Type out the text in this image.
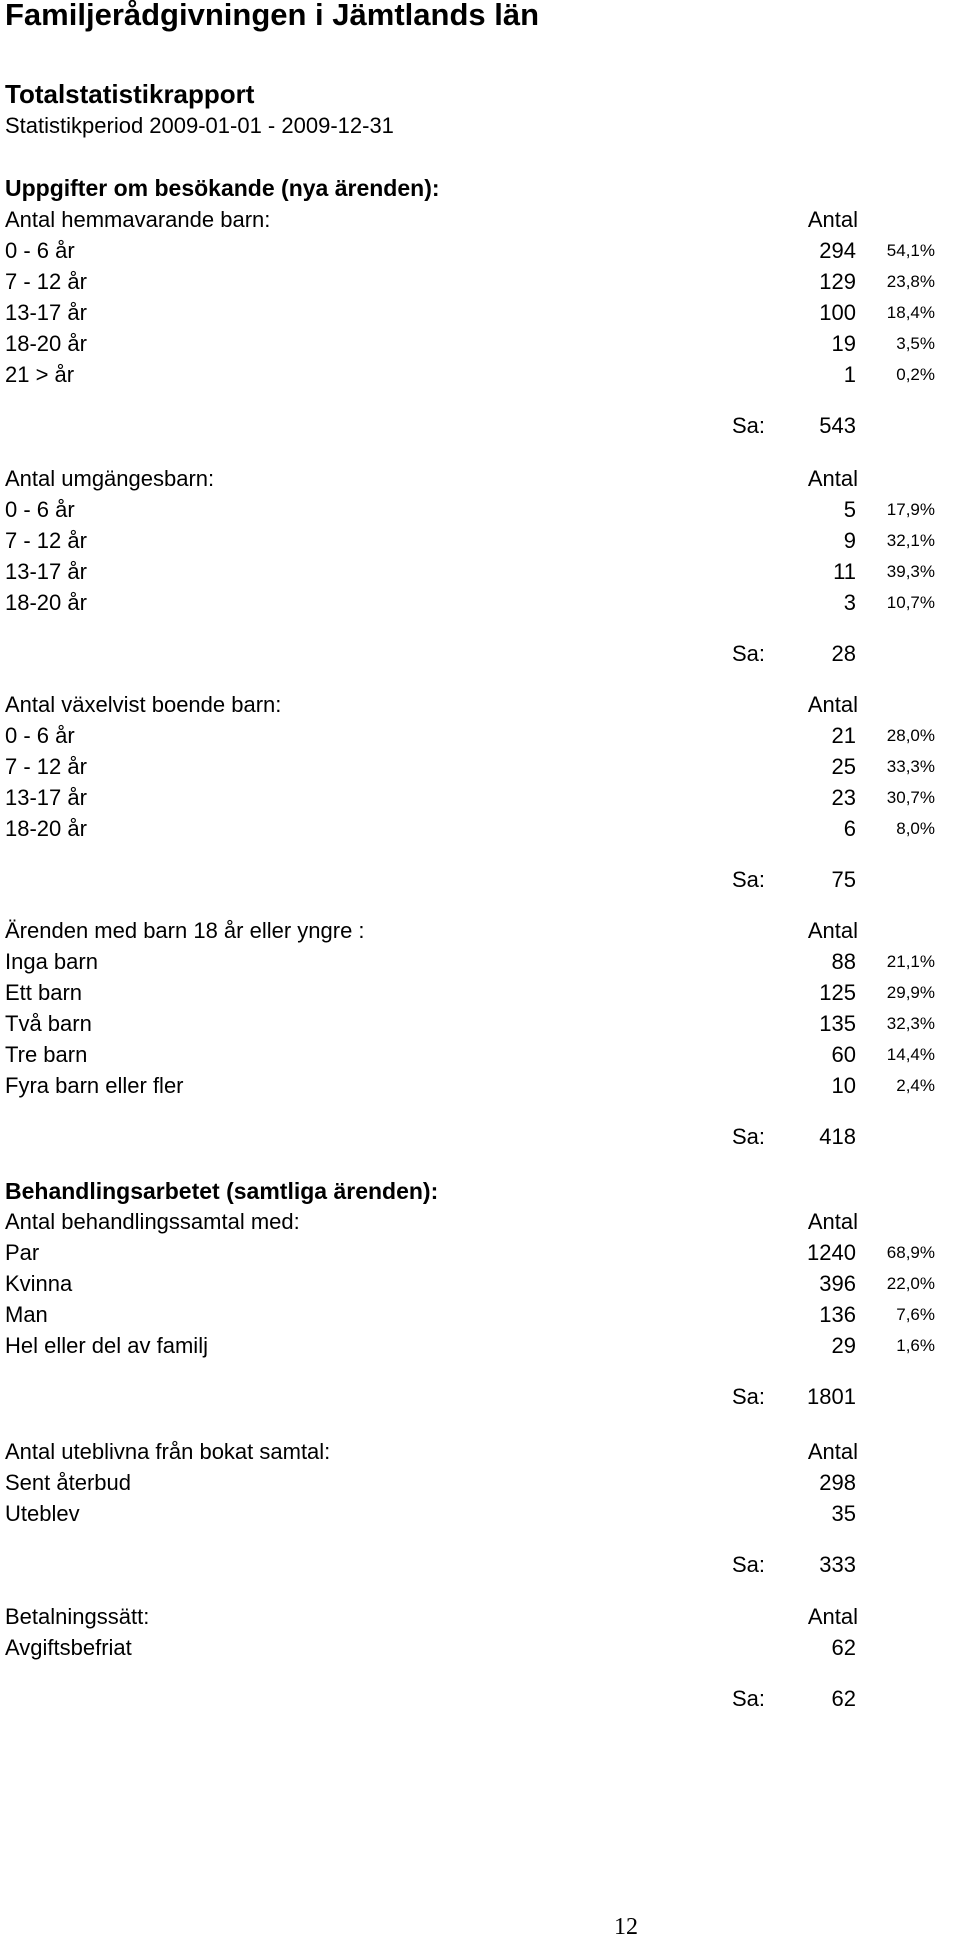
Familjerådgivningen i Jämtlands län
Totalstatistikrapport
Statistikperiod 2009-01-01 - 2009-12-31
Uppgifter om besökande (nya ärenden):
Behandlingsarbetet (samtliga ärenden):
Antal hemmavarande barn:	Antal
0 - 6 år	294	54,1%
7 - 12 år	129	23,8%
13-17 år	100	18,4%
18-20 år	19	3,5%
21 > år	1	0,2%
Sa:	543
Antal umgängesbarn:	Antal
0 - 6 år	5	17,9%
7 - 12 år	9	32,1%
13-17 år	11	39,3%
18-20 år	3	10,7%
Sa:	28
Antal växelvist boende barn:	Antal
0 - 6 år	21	28,0%
7 - 12 år	25	33,3%
13-17 år	23	30,7%
18-20 år	6	8,0%
Sa:	75
Ärenden med barn 18 år eller yngre :	Antal
Inga barn	88	21,1%
Ett barn	125	29,9%
Två barn	135	32,3%
Tre barn	60	14,4%
Fyra barn eller fler	10	2,4%
Sa:	418
Antal behandlingssamtal med:	Antal
Par	1240	68,9%
Kvinna	396	22,0%
Man	136	7,6%
Hel eller del av familj	29	1,6%
Sa:	1801
Antal uteblivna från bokat samtal:	Antal
Sent återbud	298
Uteblev	35
Sa:	333
Betalningssätt:	Antal
Avgiftsbefriat	62
Sa:	62
12
